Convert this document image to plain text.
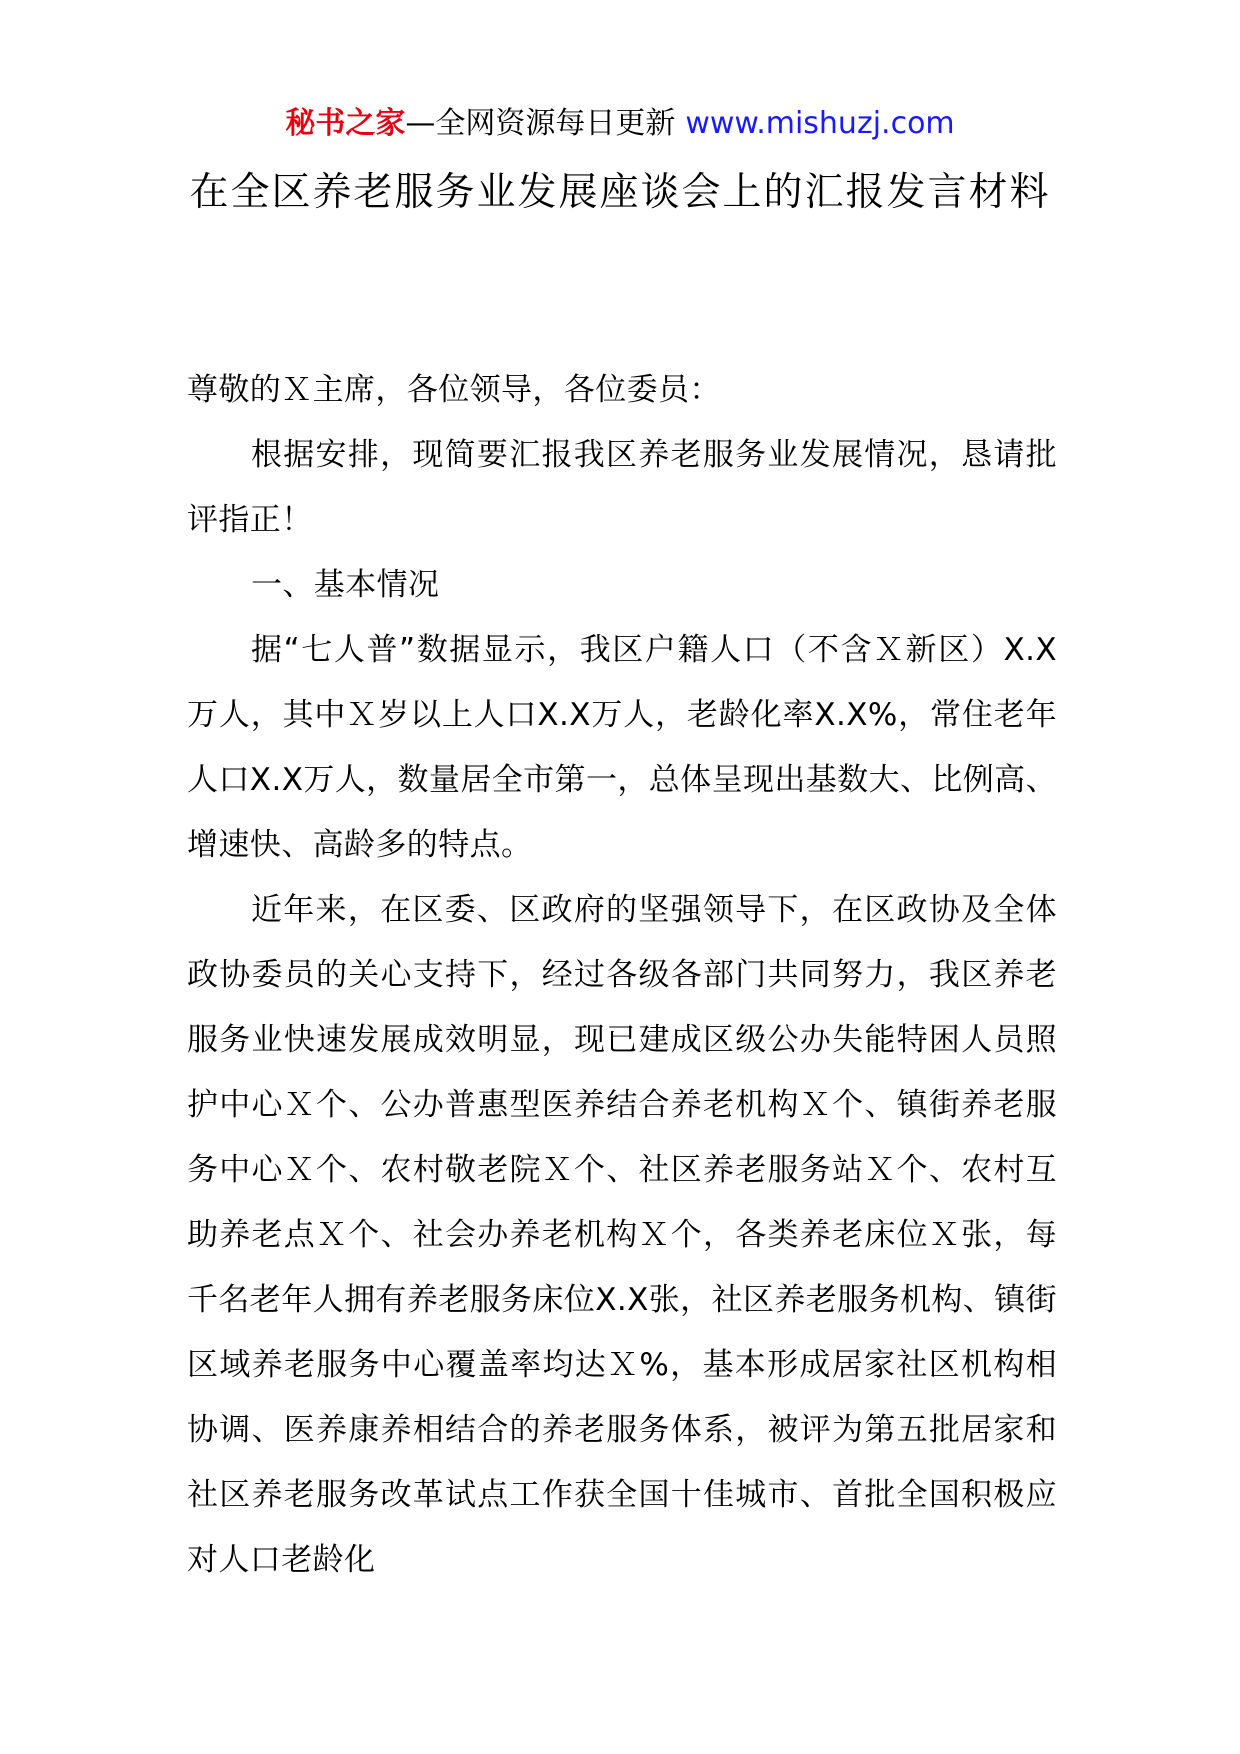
秘书之家—全网资源每日更新 www.mishuzj.com
在全区养老服务业发展座谈会上的汇报发言材料

尊敬的Ｘ主席，各位领导，各位委员：

根据安排，现简要汇报我区养老服务业发展情况，恳请批评指正！

一、基本情况

据“七人普”数据显示，我区户籍人口（不含Ｘ新区）X.X万人，其中Ｘ岁以上人口X.X万人，老龄化率X.X%，常住老年人口X.X万人，数量居全市第一，总体呈现出基数大、比例高、增速快、高龄多的特点。

近年来，在区委、区政府的坚强领导下，在区政协及全体政协委员的关心支持下，经过各级各部门共同努力，我区养老服务业快速发展成效明显，现已建成区级公办失能特困人员照护中心Ｘ个、公办普惠型医养结合养老机构Ｘ个、镇街养老服务中心Ｘ个、农村敬老院Ｘ个、社区养老服务站Ｘ个、农村互助养老点Ｘ个、社会办养老机构Ｘ个，各类养老床位Ｘ张，每千名老年人拥有养老服务床位X.X张，社区养老服务机构、镇街区域养老服务中心覆盖率均达Ｘ%，基本形成居家社区机构相协调、医养康养相结合的养老服务体系，被评为第五批居家和社区养老服务改革试点工作获全国十佳城市、首批全国积极应对人口老龄化
